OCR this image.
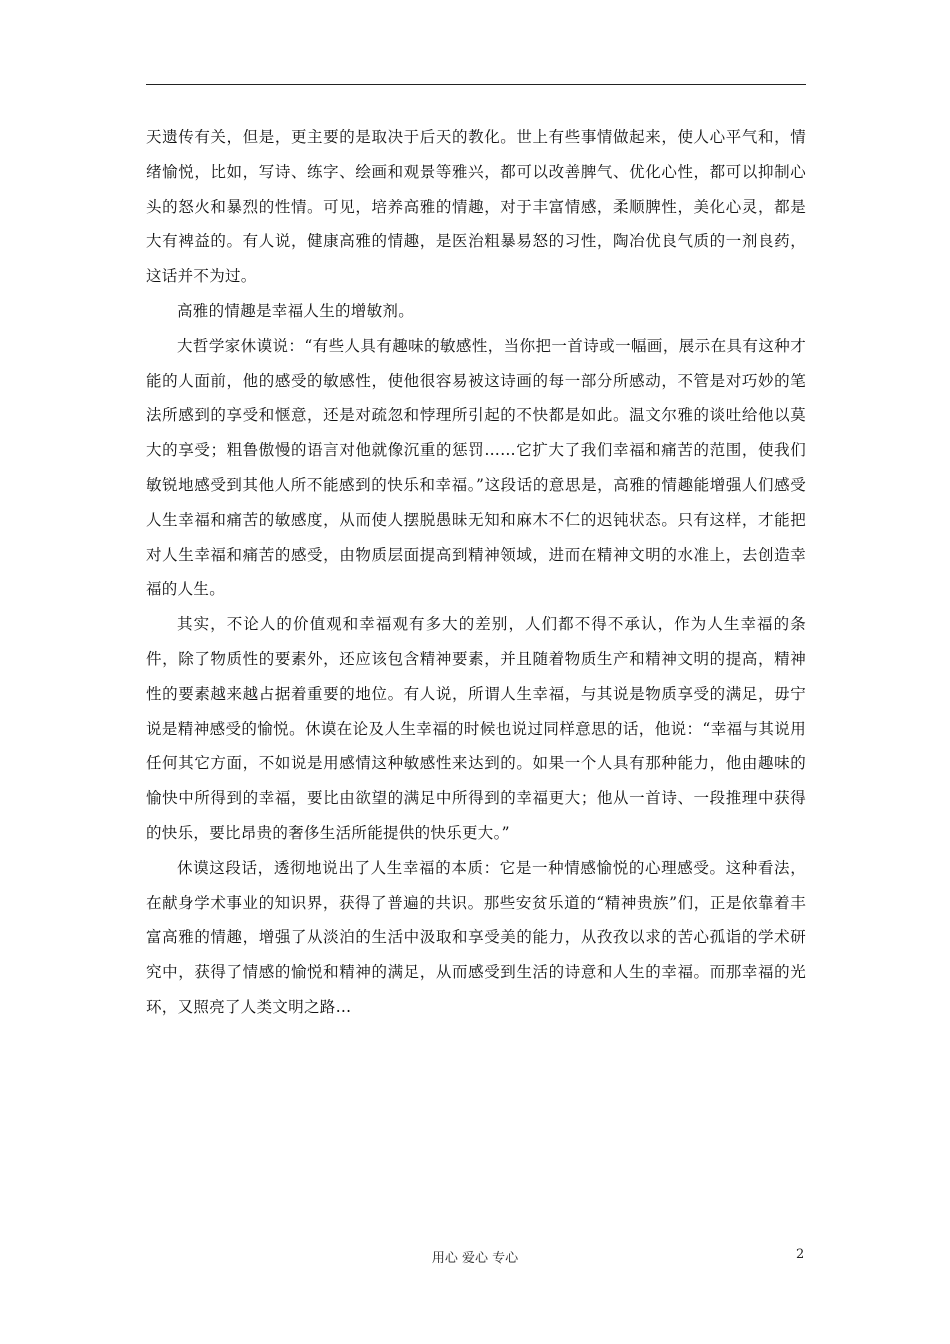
天遗传有关，但是，更主要的是取决于后天的教化。世上有些事情做起来，使人心平气和，情绪愉悦，比如，写诗、练字、绘画和观景等雅兴，都可以改善脾气、优化心性，都可以抑制心头的怒火和暴烈的性情。可见，培养高雅的情趣，对于丰富情感，柔顺脾性，美化心灵，都是大有裨益的。有人说，健康高雅的情趣，是医治粗暴易怒的习性，陶冶优良气质的一剂良药，这话并不为过。

高雅的情趣是幸福人生的增敏剂。

大哲学家休谟说：“有些人具有趣味的敏感性，当你把一首诗或一幅画，展示在具有这种才能的人面前，他的感受的敏感性，使他很容易被这诗画的每一部分所感动，不管是对巧妙的笔法所感到的享受和惬意，还是对疏忽和悖理所引起的不快都是如此。温文尔雅的谈吐给他以莫大的享受；粗鲁傲慢的语言对他就像沉重的惩罚……它扩大了我们幸福和痛苦的范围，使我们敏锐地感受到其他人所不能感到的快乐和幸福。”这段话的意思是，高雅的情趣能增强人们感受人生幸福和痛苦的敏感度，从而使人摆脱愚昧无知和麻木不仁的迟钝状态。只有这样，才能把对人生幸福和痛苦的感受，由物质层面提高到精神领域，进而在精神文明的水准上，去创造幸福的人生。

其实，不论人的价值观和幸福观有多大的差别，人们都不得不承认，作为人生幸福的条件，除了物质性的要素外，还应该包含精神要素，并且随着物质生产和精神文明的提高，精神性的要素越来越占据着重要的地位。有人说，所谓人生幸福，与其说是物质享受的满足，毋宁说是精神感受的愉悦。休谟在论及人生幸福的时候也说过同样意思的话，他说：“幸福与其说用任何其它方面，不如说是用感情这种敏感性来达到的。如果一个人具有那种能力，他由趣味的愉快中所得到的幸福，要比由欲望的满足中所得到的幸福更大；他从一首诗、一段推理中获得的快乐，要比昂贵的奢侈生活所能提供的快乐更大。”

休谟这段话，透彻地说出了人生幸福的本质：它是一种情感愉悦的心理感受。这种看法，在献身学术事业的知识界，获得了普遍的共识。那些安贫乐道的“精神贵族”们，正是依靠着丰富高雅的情趣，增强了从淡泊的生活中汲取和享受美的能力，从孜孜以求的苦心孤诣的学术研究中，获得了情感的愉悦和精神的满足，从而感受到生活的诗意和人生的幸福。而那幸福的光环，又照亮了人类文明之路…

用心 爱心 专心	2
